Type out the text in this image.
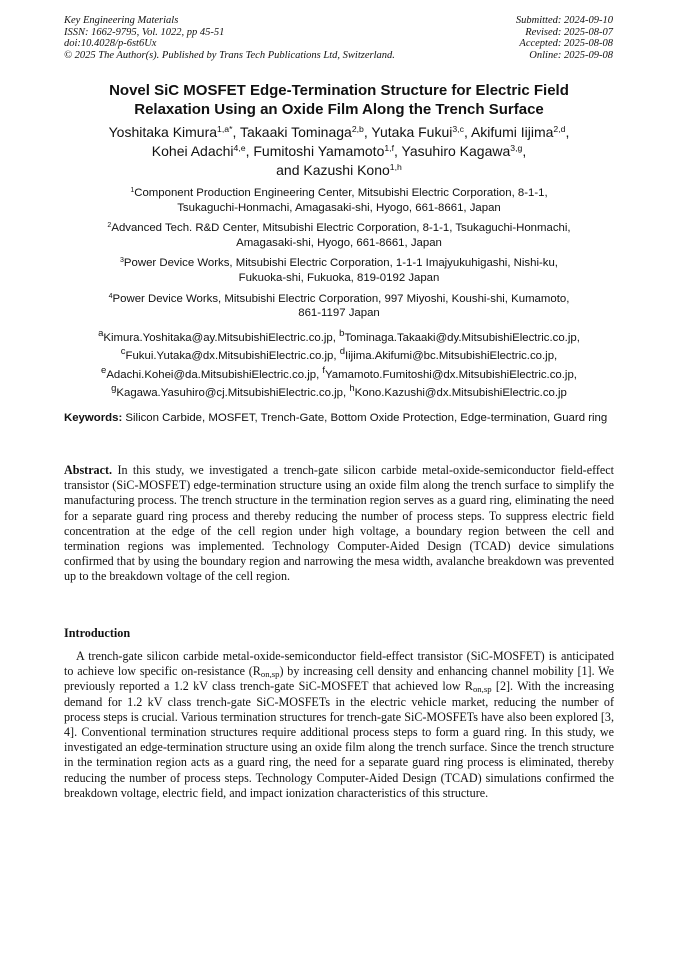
Key Engineering Materials
ISSN: 1662-9795, Vol. 1022, pp 45-51
doi:10.4028/p-6st6Ux
© 2025 The Author(s). Published by Trans Tech Publications Ltd, Switzerland.
Submitted: 2024-09-10
Revised: 2025-08-07
Accepted: 2025-08-08
Online: 2025-09-08
Novel SiC MOSFET Edge-Termination Structure for Electric Field
Relaxation Using an Oxide Film Along the Trench Surface
Yoshitaka Kimura$^{1,a*}$, Takaaki Tominaga$^{2,b}$, Yutaka Fukui$^{3,c}$, Akifumi Iijima$^{2,d}$,
Kohei Adachi$^{4,e}$, Fumitoshi Yamamoto$^{1,f}$, Yasuhiro Kagawa$^{3,g}$,
and Kazushi Kono$^{1,h}$
$^1$Component Production Engineering Center, Mitsubishi Electric Corporation, 8-1-1,
Tsukaguchi-Honmachi, Amagasaki-shi, Hyogo, 661-8661, Japan
$^2$Advanced Tech. R&D Center, Mitsubishi Electric Corporation, 8-1-1, Tsukaguchi-Honmachi,
Amagasaki-shi, Hyogo, 661-8661, Japan
$^3$Power Device Works, Mitsubishi Electric Corporation, 1-1-1 Imajyukuhigashi, Nishi-ku,
Fukuoka-shi, Fukuoka, 819-0192 Japan
$^4$Power Device Works, Mitsubishi Electric Corporation, 997 Miyoshi, Koushi-shi, Kumamoto,
861-1197 Japan
$^a$Kimura.Yoshitaka@ay.MitsubishiElectric.co.jp, $^b$Tominaga.Takaaki@dy.MitsubishiElectric.co.jp,
$^c$Fukui.Yutaka@dx.MitsubishiElectric.co.jp, $^d$Iijima.Akifumi@bc.MitsubishiElectric.co.jp,
$^e$Adachi.Kohei@da.MitsubishiElectric.co.jp, $^f$Yamamoto.Fumitoshi@dx.MitsubishiElectric.co.jp,
$^g$Kagawa.Yasuhiro@cj.MitsubishiElectric.co.jp, $^h$Kono.Kazushi@dx.MitsubishiElectric.co.jp
Keywords: Silicon Carbide, MOSFET, Trench-Gate, Bottom Oxide Protection, Edge-termination, Guard ring
Abstract. In this study, we investigated a trench-gate silicon carbide metal-oxide-semiconductor field-effect transistor (SiC-MOSFET) edge-termination structure using an oxide film along the trench surface to simplify the manufacturing process. The trench structure in the termination region serves as a guard ring, eliminating the need for a separate guard ring process and thereby reducing the number of process steps. To suppress electric field concentration at the edge of the cell region under high voltage, a boundary region between the cell and termination regions was implemented. Technology Computer-Aided Design (TCAD) device simulations confirmed that by using the boundary region and narrowing the mesa width, avalanche breakdown was prevented up to the breakdown voltage of the cell region.
Introduction

A trench-gate silicon carbide metal-oxide-semiconductor field-effect transistor (SiC-MOSFET) is anticipated to achieve low specific on-resistance $(R_{on,sp})$ by increasing cell density and enhancing channel mobility [1]. We previously reported a 1.2 kV class trench-gate SiC-MOSFET that achieved low $R_{on,sp}$ [2]. With the increasing demand for 1.2 kV class trench-gate SiC-MOSFETs in the electric vehicle market, reducing the number of process steps is crucial. Various termination structures for trench-gate SiC-MOSFETs have also been explored [3, 4]. Conventional termination structures require additional process steps to form a guard ring. In this study, we investigated an edge-termination structure using an oxide film along the trench surface. Since the trench structure in the termination region acts as a guard ring, the need for a separate guard ring process is eliminated, thereby reducing the number of process steps. Technology Computer-Aided Design (TCAD) simulations confirmed the breakdown voltage, electric field, and impact ionization characteristics of this structure.
